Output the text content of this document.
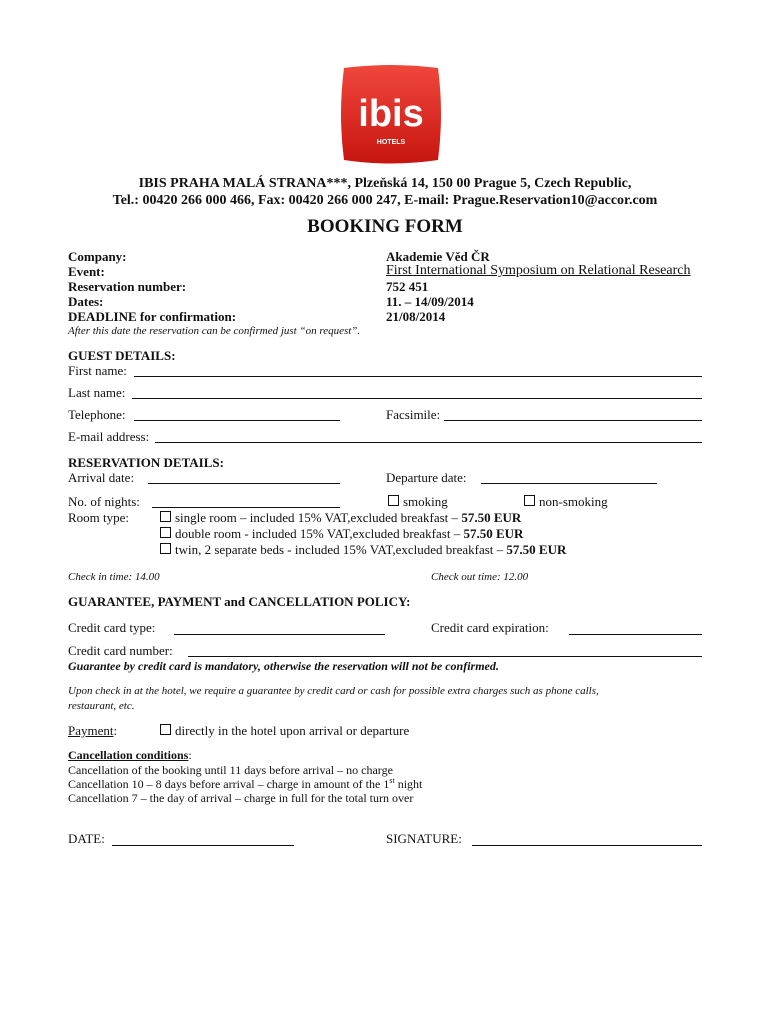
ibis
HOTELS
IBIS PRAHA MALÁ STRANA***, Plzeňská 14, 150 00 Prague 5, Czech Republic,
Tel.: 00420 266 000 466, Fax: 00420 266 000 247, E-mail: Prague.Reservation10@accor.com
BOOKING FORM
Company:	Akademie Věd ČR
Event:	First International Symposium on Relational Research
Reservation number:	752 451
Dates:	11. – 14/09/2014
DEADLINE for confirmation:	21/08/2014
After this date the reservation can be confirmed just “on request”.
GUEST DETAILS:
First name:
Last name:
Telephone:	Facsimile:
E-mail address:
RESERVATION DETAILS:
Arrival date:	Departure date:
No. of nights:	smoking	non-smoking
Room type:	single room – included 15% VAT,excluded breakfast – 57.50 EUR
double room - included 15% VAT,excluded breakfast – 57.50 EUR
twin, 2 separate beds - included 15% VAT,excluded breakfast – 57.50 EUR
Check in time: 14.00	Check out time: 12.00
GUARANTEE, PAYMENT and CANCELLATION POLICY:
Credit card type:	Credit card expiration:
Credit card number:
Guarantee by credit card is mandatory, otherwise the reservation will not be confirmed.
Upon check in at the hotel, we require a guarantee by credit card or cash for possible extra charges such as phone calls,
restaurant, etc.
Payment:	directly in the hotel upon arrival or departure
Cancellation conditions:
Cancellation of the booking until 11 days before arrival – no charge
Cancellation 10 – 8 days before arrival – charge in amount of the 1st night
Cancellation 7 – the day of arrival – charge in full for the total turn over
DATE:	SIGNATURE:
